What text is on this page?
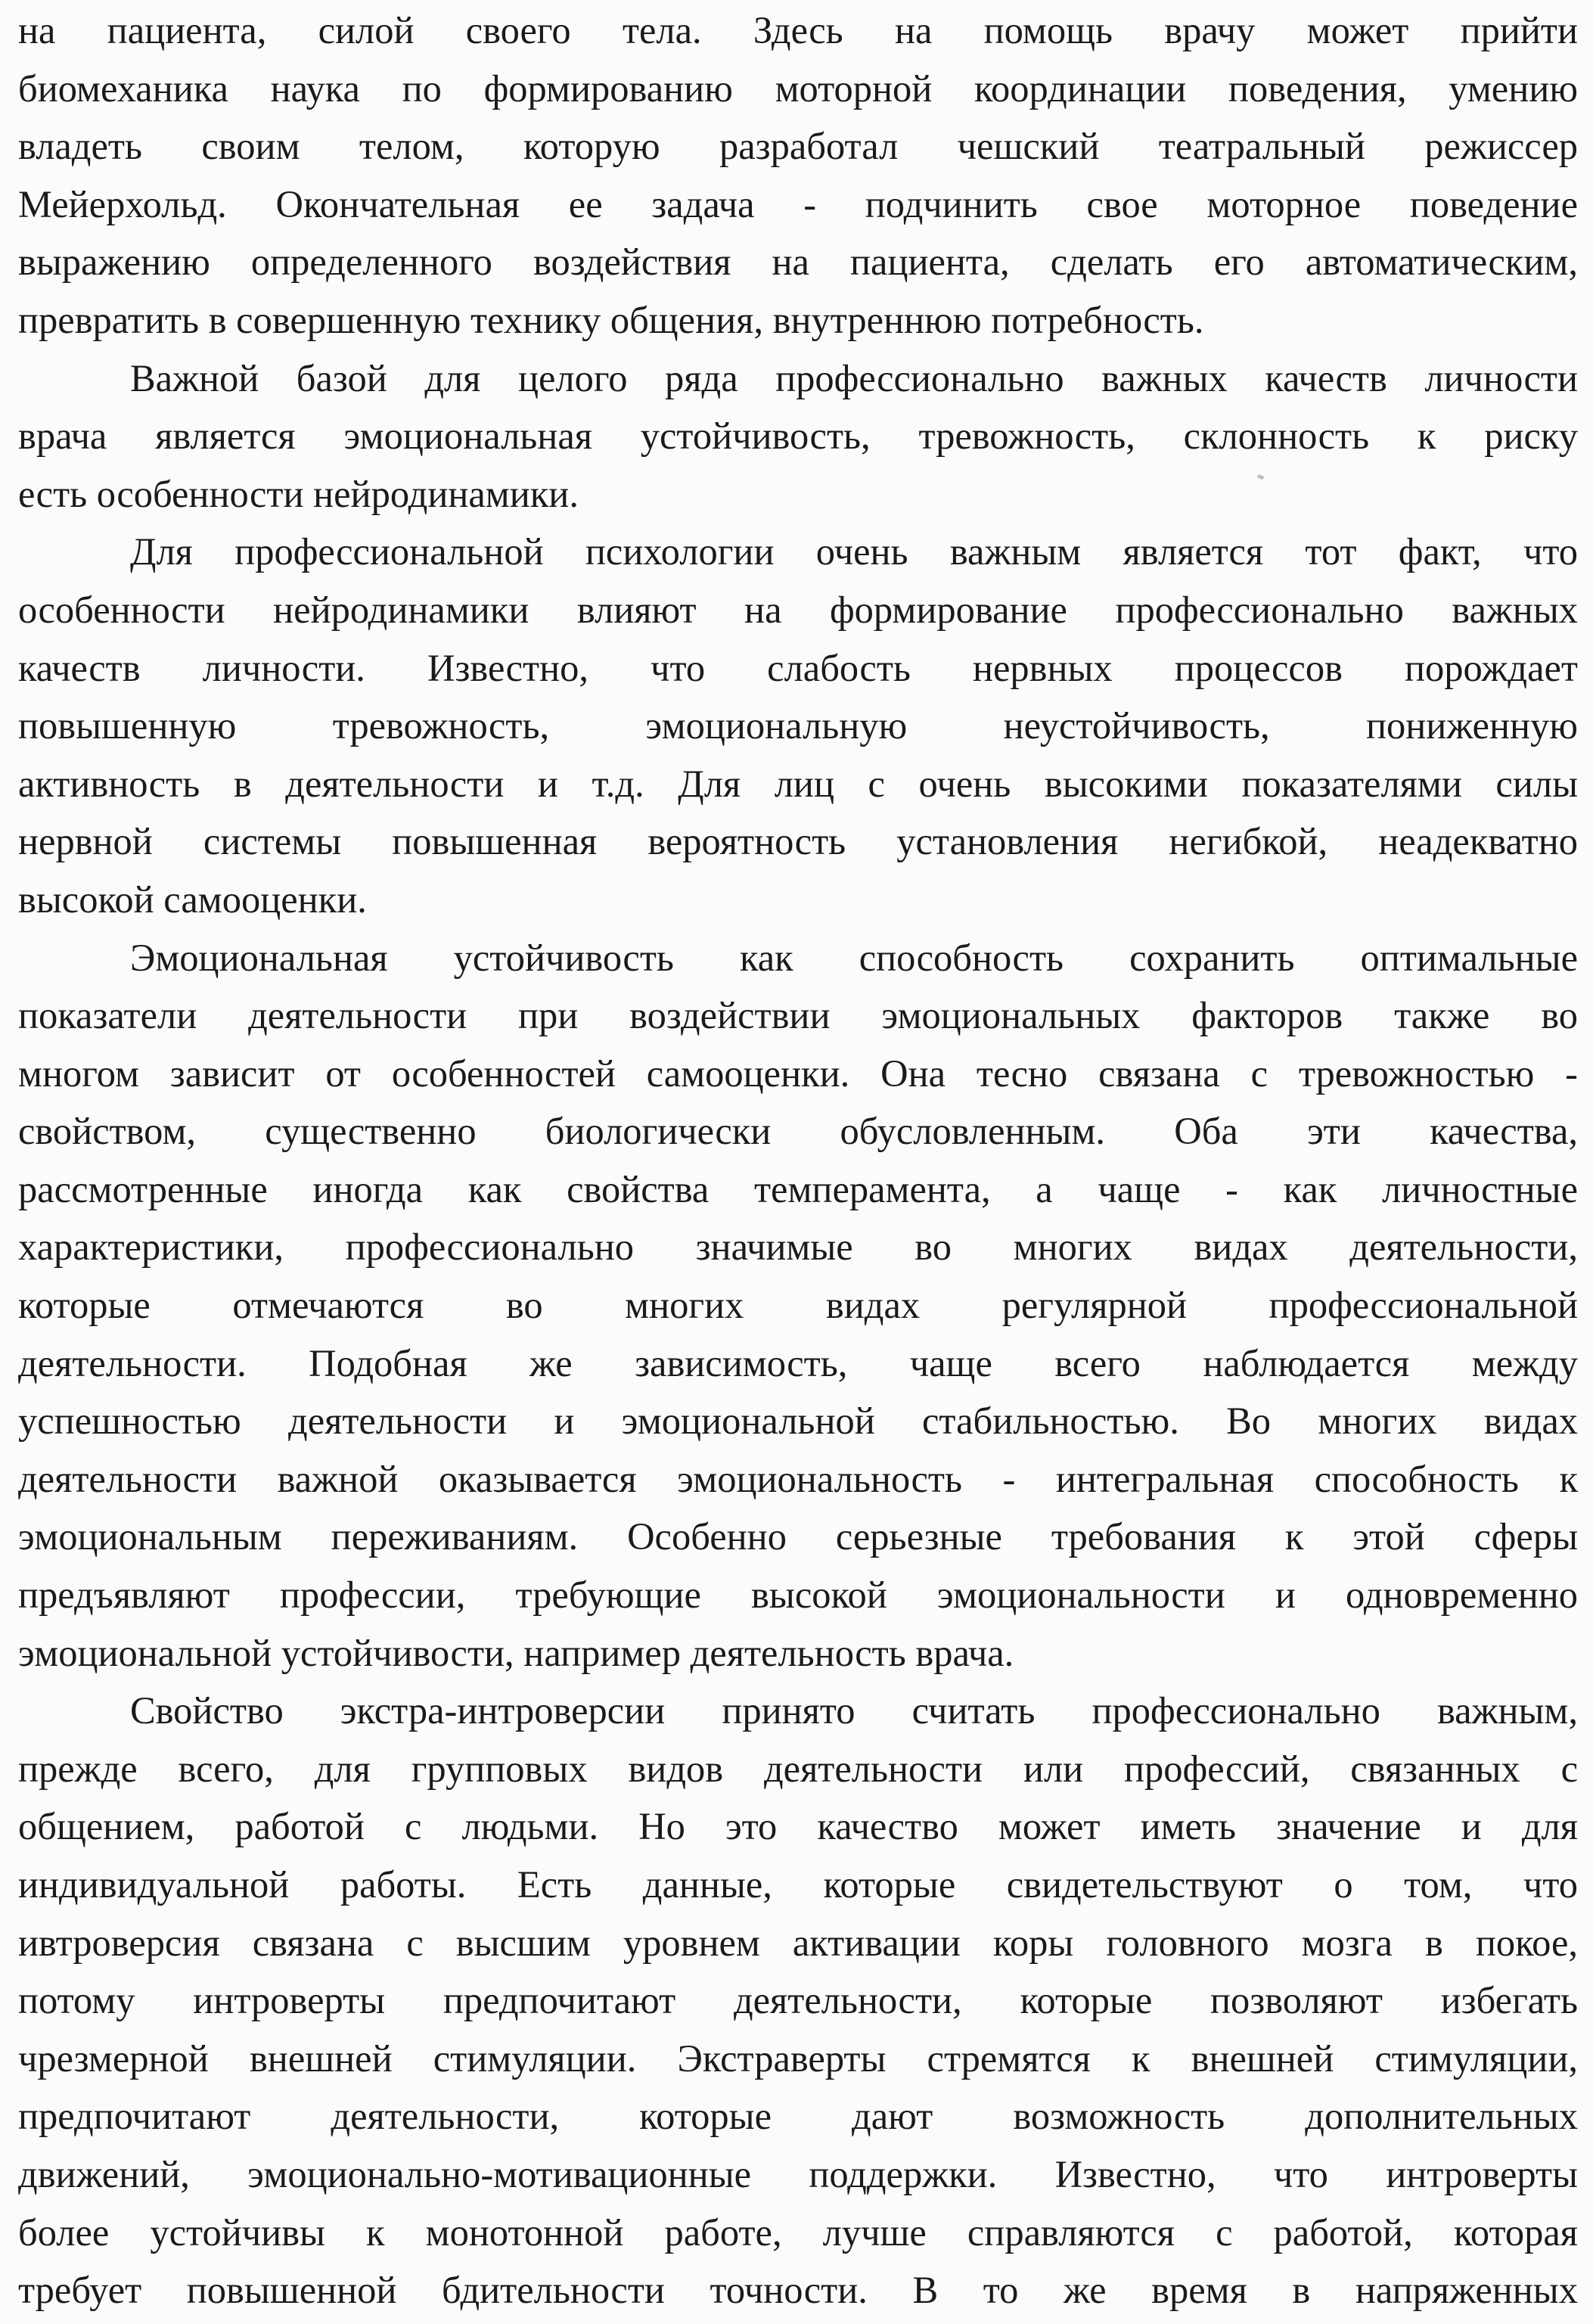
на пациента, силой своего тела. Здесь на помощь врачу может прийти
биомеханика наука по формированию моторной координации поведения, умению
владеть своим телом, которую разработал чешский театральный режиссер
Мейерхольд. Окончательная ее задача - подчинить свое моторное поведение
выражению определенного воздействия на пациента, сделать его автоматическим,
превратить в совершенную технику общения, внутреннюю потребность.
Важной базой для целого ряда профессионально важных качеств личности
врача является эмоциональная устойчивость, тревожность, склонность к риску
есть особенности нейродинамики.
Для профессиональной психологии очень важным является тот факт, что
особенности нейродинамики влияют на формирование профессионально важных
качеств личности. Известно, что слабость нервных процессов порождает
повышенную тревожность, эмоциональную неустойчивость, пониженную
активность в деятельности и т.д. Для лиц с очень высокими показателями силы
нервной системы повышенная вероятность установления негибкой, неадекватно
высокой самооценки.
Эмоциональная устойчивость как способность сохранить оптимальные
показатели деятельности при воздействии эмоциональных факторов также во
многом зависит от особенностей самооценки. Она тесно связана с тревожностью -
свойством, существенно биологически обусловленным. Оба эти качества,
рассмотренные иногда как свойства темперамента, а чаще - как личностные
характеристики, профессионально значимые во многих видах деятельности,
которые отмечаются во многих видах регулярной профессиональной
деятельности. Подобная же зависимость, чаще всего наблюдается между
успешностью деятельности и эмоциональной стабильностью. Во многих видах
деятельности важной оказывается эмоциональность - интегральная способность к
эмоциональным переживаниям. Особенно серьезные требования к этой сферы
предъявляют профессии, требующие высокой эмоциональности и одновременно
эмоциональной устойчивости, например деятельность врача.
Свойство экстра-интроверсии принято считать профессионально важным,
прежде всего, для групповых видов деятельности или профессий, связанных с
общением, работой с людьми. Но это качество может иметь значение и для
индивидуальной работы. Есть данные, которые свидетельствуют о том, что
ивтроверсия связана с высшим уровнем активации коры головного мозга в покое,
потому интроверты предпочитают деятельности, которые позволяют избегать
чрезмерной внешней стимуляции. Экстраверты стремятся к внешней стимуляции,
предпочитают деятельности, которые дают возможность дополнительных
движений, эмоционально-мотивационные поддержки. Известно, что интроверты
более устойчивы к монотонной работе, лучше справляются с работой, которая
требует повышенной бдительности точности. В то же время в напряженных
